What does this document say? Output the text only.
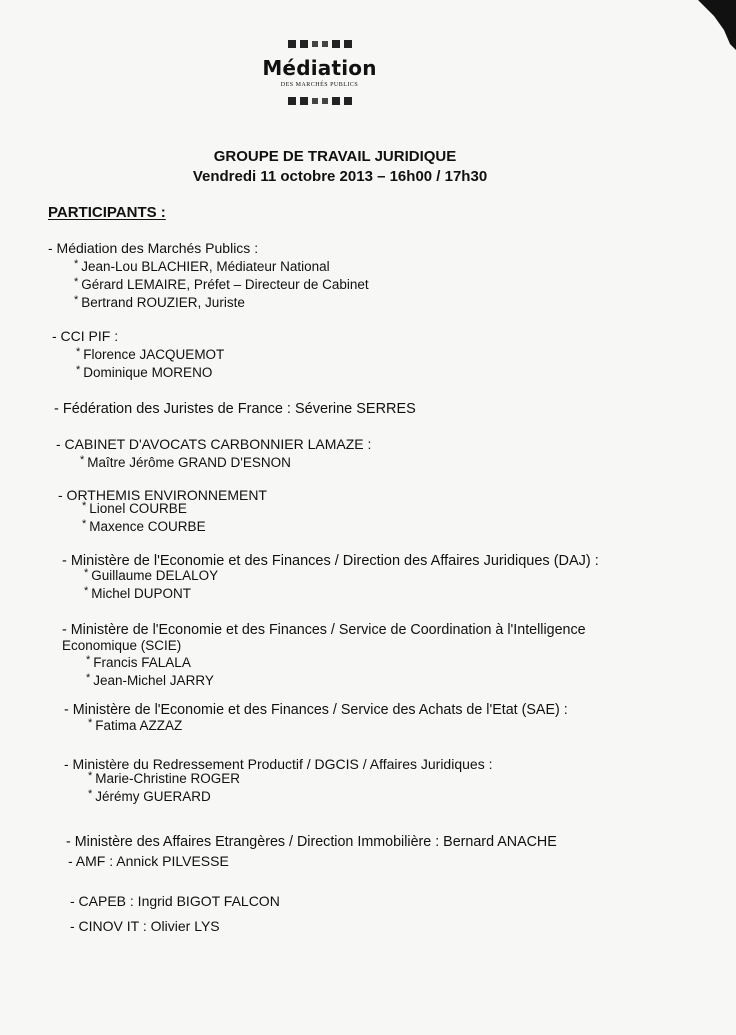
Médiation
DES MARCHÉS PUBLICS
GROUPE DE TRAVAIL JURIDIQUE
Vendredi 11 octobre 2013 – 16h00 / 17h30
PARTICIPANTS :
- Médiation des Marchés Publics :
* Jean-Lou BLACHIER, Médiateur National
* Gérard LEMAIRE, Préfet – Directeur de Cabinet
* Bertrand ROUZIER, Juriste
- CCI PIF :
* Florence JACQUEMOT
* Dominique MORENO
- Fédération des Juristes de France : Séverine SERRES
- CABINET D'AVOCATS CARBONNIER LAMAZE :
* Maître Jérôme GRAND D'ESNON
- ORTHEMIS ENVIRONNEMENT
* Lionel COURBE
* Maxence COURBE
- Ministère de l'Economie et des Finances / Direction des Affaires Juridiques (DAJ) :
* Guillaume DELALOY
* Michel DUPONT
- Ministère de l'Economie et des Finances / Service de Coordination à l'Intelligence
Economique (SCIE)
* Francis FALALA
* Jean-Michel JARRY
- Ministère de l'Economie et des Finances / Service des Achats de l'Etat (SAE) :
* Fatima AZZAZ
- Ministère du Redressement Productif / DGCIS / Affaires Juridiques :
* Marie-Christine ROGER
* Jérémy GUERARD
- Ministère des Affaires Etrangères / Direction Immobilière : Bernard ANACHE
- AMF : Annick PILVESSE
- CAPEB : Ingrid BIGOT FALCON
- CINOV IT : Olivier LYS
